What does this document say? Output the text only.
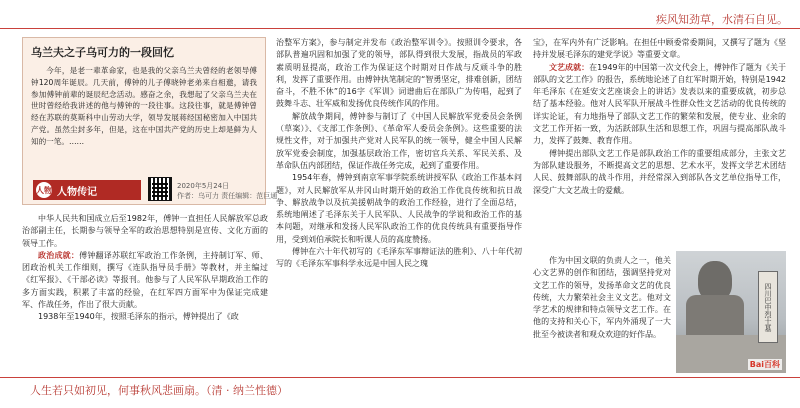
疾风知劲草，水清石自见。
乌兰夫之子乌可力的一段回忆

今年，是老一辈革命家，也是我的父亲乌兰夫曾经的老领导傅钟120周年诞辰。几天前，傅钟的儿子傅晓钟老弟来自相邀，请我参加傅钟前辈的诞辰纪念活动。感奋之余，我想起了父亲乌兰夫在世时曾经给我讲述的他与傅钟的一段往事。这段往事，就是傅钟曾经在苏联的莫斯科中山劳动大学，领导发展蒋经国秘密加入中国共产党。虽然尘封多年，但是，这在中国共产党的历史上却是鲜为人知的一笔。……

人物 人物传记
2020年5月24日
作者：乌可力 责任编辑：范巨通

中华人民共和国成立后至1982年，傅钟一直担任人民解放军总政治部副主任，长期参与领导全军的政治思想特别是宣传、文化方面的领导工作。

政治成就：傅钟翻译苏联红军政治工作条例，主持制订军、师、团政治机关工作细则，撰写《连队指导员手册》等教材，并主编过《红军报》、《干部必读》等报刊。他参与了人民军队早期政治工作的多方面实践，积累了丰富的经验，在红军四方面军中为保证完成建军、作战任务，作出了很大贡献。

1938年至1940年，按照毛泽东的指示，傅钟提出了《政

治整军方案》，参与制定并发布《政治整军训令》。按照训令要求，各部队普遍巩固和加强了党的领导，部队得到很大发展，指战员的军政素质明显提高，政治工作为保证这个时期对日作战与反顽斗争的胜利，发挥了重要作用。由傅钟执笔制定的“智勇坚定，排难创新，团结奋斗，不胜不休”的16字《军训》词谱曲后在部队广为传唱，起到了鼓舞斗志、壮军威和发扬优良传统作风的作用。

解放战争期间，傅钟参与制订了《中国人民解放军党委员会条例（草案）》、《支部工作条例》、《革命军人委员会条例》。这些重要的法规性文件，对于加强共产党对人民军队的统一领导，健全中国人民解放军党委会制度，加强基层政治工作，密切官兵关系、军民关系、及革命队伍内部团结，保证作战任务完成，起到了重要作用。

1954年春，傅钟到南京军事学院系统讲授军队《政治工作基本问题》，对人民解放军从井冈山时期开始的政治工作优良传统和抗日战争、解放战争以及抗美援朝战争的政治工作经验，进行了全面总结，系统地阐述了毛泽东关于人民军队、人民战争的学说和政治工作的基本问题，对继承和发扬人民军队政治工作的优良传统具有重要指导作用，受到刘伯承院长和听课人员的高度赞扬。

傅钟在六十年代初写的《毛泽东军事辩证法的胜利》、八十年代初写的《毛泽东军事科学永远是中国人民之瑰

宝》，在军内外有广泛影响。在担任中顾委常委期间，又撰写了题为《坚持并发展毛泽东的建党学说》等重要文章。

文艺成就：在1949年的中国第一次文代会上，傅钟作了题为《关于部队的文艺工作》的报告，系统地论述了自红军时期开始，特别是1942年毛泽东《在延安文艺座谈会上的讲话》发表以来的重要成就，初步总结了基本经验。他对人民军队开展战斗性群众性文艺活动的优良传统的详实论证，有力地指导了部队文艺工作的繁荣和发展，使专业、业余的文艺工作开拓一致，为活跃部队生活和思想工作，巩固与提高部队战斗力，发挥了鼓舞、教育作用。

傅钟提出部队文艺工作是部队政治工作的重要组成部分，主张文艺为部队建设服务，不断提高文艺的思想、艺术水平，发挥文学艺术团结人民、鼓舞部队的战斗作用，并经常深入到部队各文艺单位指导工作，深受广大文艺战士的爱戴。

作为中国文联的负责人之一，他关心文艺界的创作和团结，强调坚持党对文艺工作的领导，发扬革命文艺的优良传统，大力繁荣社会主义文艺。他对文学艺术的规律和特点领导文艺工作。在他的支持和关心下，军内外涌现了一大批至今被读者和观众欢迎的好作品。

四川巴中烈士墓
Bai百科
人生若只如初见，何事秋风悲画扇。（清 · 纳兰性德）
